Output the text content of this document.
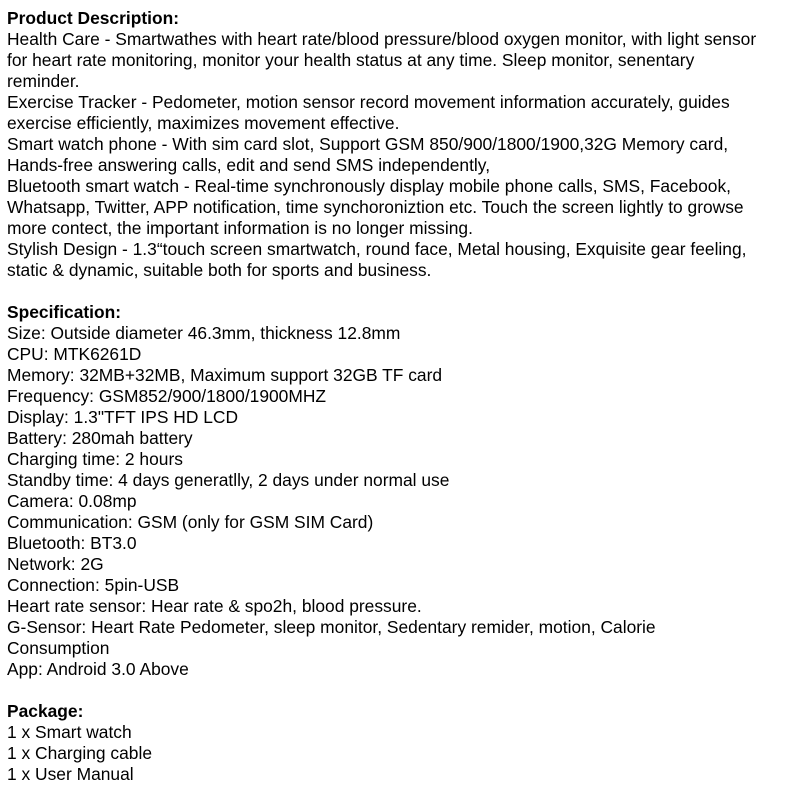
Product Description:
Health Care - Smartwathes with heart rate/blood pressure/blood oxygen monitor, with light sensor
for heart rate monitoring, monitor your health status at any time. Sleep monitor, senentary
reminder.
Exercise Tracker - Pedometer, motion sensor record movement information accurately, guides
exercise efficiently, maximizes movement effective.
Smart watch phone - With sim card slot, Support GSM 850/900/1800/1900,32G Memory card,
Hands-free answering calls, edit and send SMS independently,
Bluetooth smart watch - Real-time synchronously display mobile phone calls, SMS, Facebook,
Whatsapp, Twitter, APP notification, time synchoroniztion etc. Touch the screen lightly to growse
more contect, the important information is no longer missing.
Stylish Design - 1.3“touch screen smartwatch, round face, Metal housing, Exquisite gear feeling,
static & dynamic, suitable both for sports and business.
Specification:
Size: Outside diameter 46.3mm, thickness 12.8mm
CPU: MTK6261D
Memory: 32MB+32MB, Maximum support 32GB TF card
Frequency: GSM852/900/1800/1900MHZ
Display: 1.3"TFT IPS HD LCD
Battery: 280mah battery
Charging time: 2 hours
Standby time: 4 days generatlly, 2 days under normal use
Camera: 0.08mp
Communication: GSM (only for GSM SIM Card)
Bluetooth: BT3.0
Network: 2G
Connection: 5pin-USB
Heart rate sensor: Hear rate & spo2h, blood pressure.
G-Sensor: Heart Rate Pedometer, sleep monitor, Sedentary remider, motion, Calorie
Consumption
App: Android 3.0 Above
Package:
1 x Smart watch
1 x Charging cable
1 x User Manual
